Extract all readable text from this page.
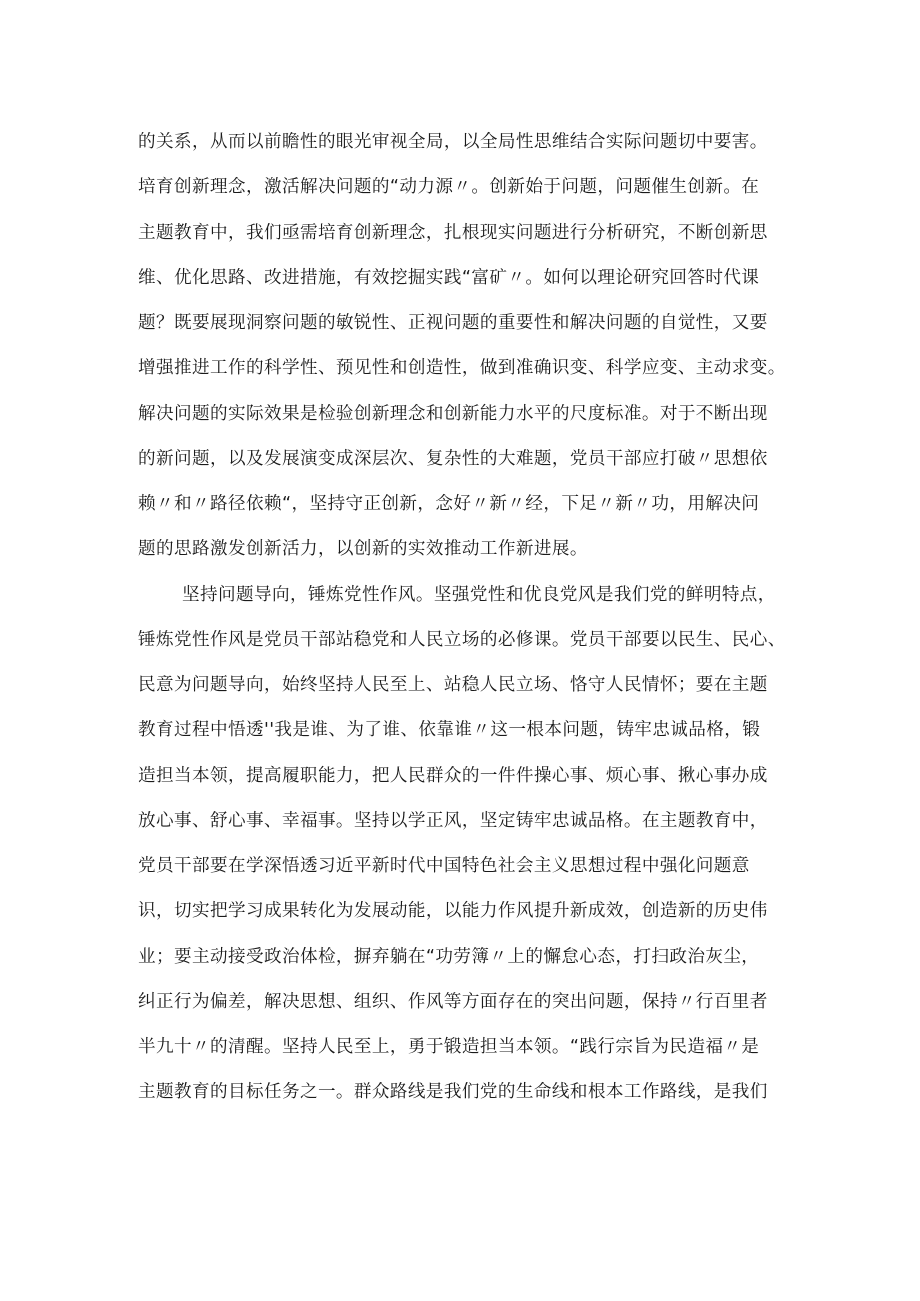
的关系，从而以前瞻性的眼光审视全局，以全局性思维结合实际问题切中要害。
培育创新理念，激活解决问题的“动力源〃。创新始于问题，问题催生创新。在
主题教育中，我们亟需培育创新理念，扎根现实问题进行分析研究，不断创新思
维、优化思路、改进措施，有效挖掘实践“富矿〃。如何以理论研究回答时代课
题？既要展现洞察问题的敏锐性、正视问题的重要性和解决问题的自觉性，又要
增强推进工作的科学性、预见性和创造性，做到准确识变、科学应变、主动求变。
解决问题的实际效果是检验创新理念和创新能力水平的尺度标准。对于不断出现
的新问题，以及发展演变成深层次、复杂性的大难题，党员干部应打破〃思想依
赖〃和〃路径依赖“，坚持守正创新，念好〃新〃经，下足〃新〃功，用解决问
题的思路激发创新活力，以创新的实效推动工作新进展。
坚持问题导向，锤炼党性作风。坚强党性和优良党风是我们党的鲜明特点，
锤炼党性作风是党员干部站稳党和人民立场的必修课。党员干部要以民生、民心、
民意为问题导向，始终坚持人民至上、站稳人民立场、恪守人民情怀；要在主题
教育过程中悟透''我是谁、为了谁、依靠谁〃这一根本问题，铸牢忠诚品格，锻
造担当本领，提高履职能力，把人民群众的一件件操心事、烦心事、揪心事办成
放心事、舒心事、幸福事。坚持以学正风，坚定铸牢忠诚品格。在主题教育中，
党员干部要在学深悟透习近平新时代中国特色社会主义思想过程中强化问题意
识，切实把学习成果转化为发展动能，以能力作风提升新成效，创造新的历史伟
业；要主动接受政治体检，摒弃躺在“功劳簿〃上的懈怠心态，打扫政治灰尘，
纠正行为偏差，解决思想、组织、作风等方面存在的突出问题，保持〃行百里者
半九十〃的清醒。坚持人民至上，勇于锻造担当本领。“践行宗旨为民造福〃是
主题教育的目标任务之一。群众路线是我们党的生命线和根本工作路线，是我们
